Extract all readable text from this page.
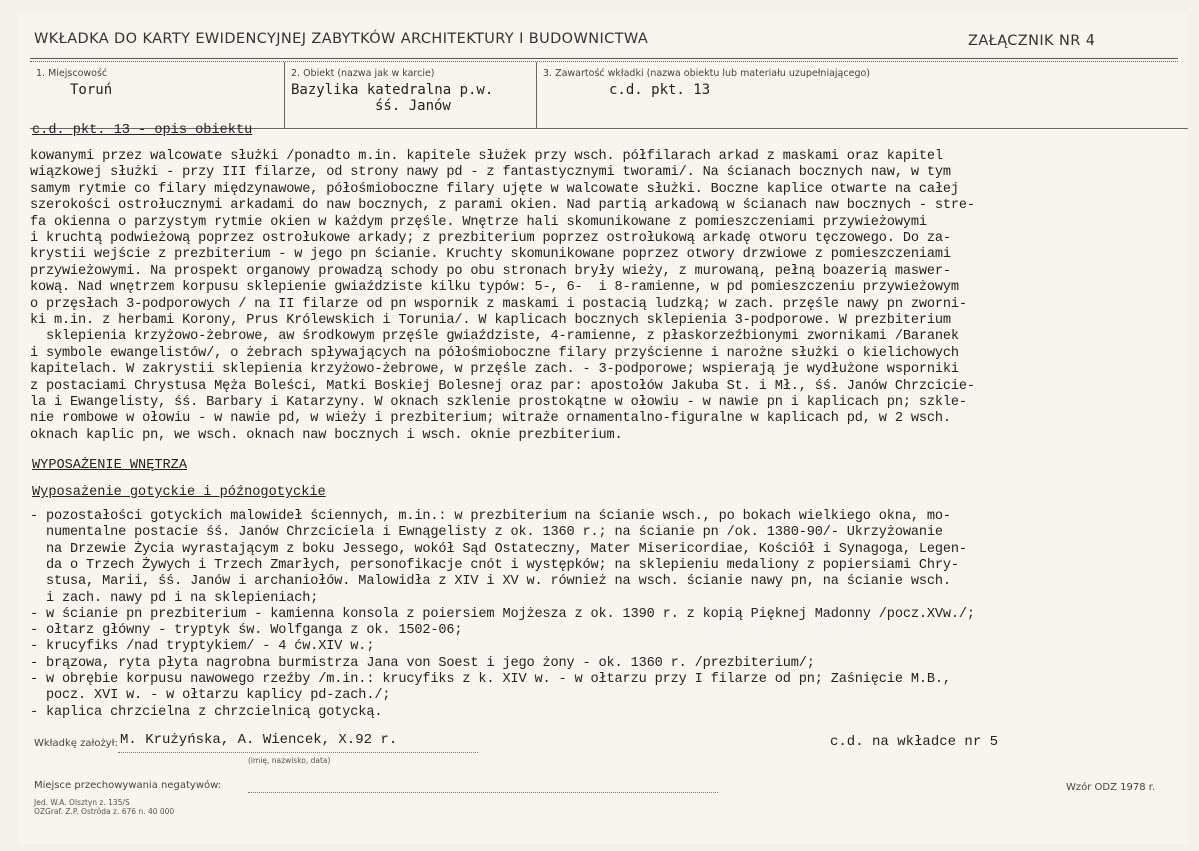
WKŁADKA DO KARTY EWIDENCYJNEJ ZABYTKÓW ARCHITEKTURY I BUDOWNICTWA	ZAŁĄCZNIK NR 4
1. Miejscowość
Toruń
2. Obiekt (nazwa jak w karcie)
Bazylika katedralna p.w.
śś. Janów
3. Zawartość wkładki (nazwa obiektu lub materiału uzupełniającego)
c.d. pkt. 13
c.d. pkt. 13 - opis obiektu
kowanymi przez walcowate służki /ponadto m.in. kapitele służek przy wsch. półfilarach arkad z maskami oraz kapitel
wiązkowej służki - przy III filarze, od strony nawy pd - z fantastycznymi tworami/. Na ścianach bocznych naw, w tym
samym rytmie co filary międzynawowe, półośmioboczne filary ujęte w walcowate służki. Boczne kaplice otwarte na całej
szerokości ostrołucznymi arkadami do naw bocznych, z parami okien. Nad partią arkadową w ścianach naw bocznych - stre-
fa okienna o parzystym rytmie okien w każdym przęśle. Wnętrze hali skomunikowane z pomieszczeniami przywieżowymi
i kruchtą podwieżową poprzez ostrołukowe arkady; z prezbiterium poprzez ostrołukową arkadę otworu tęczowego. Do za-
krystii wejście z prezbiterium - w jego pn ścianie. Kruchty skomunikowane poprzez otwory drzwiowe z pomieszczeniami
przywieżowymi. Na prospekt organowy prowadzą schody po obu stronach bryły wieży, z murowaną, pełną boazerią maswer-
kową. Nad wnętrzem korpusu sklepienie gwiaździste kilku typów: 5-, 6-  i 8-ramienne, w pd pomieszczeniu przywieżowym
o przęsłach 3-podporowych / na II filarze od pn wspornik z maskami i postacią ludzką; w zach. przęśle nawy pn zworni-
ki m.in. z herbami Korony, Prus Królewskich i Torunia/. W kaplicach bocznych sklepienia 3-podporowe. W prezbiterium
sklepienia krzyżowo-żebrowe, aw środkowym przęśle gwiaździste, 4-ramienne, z płaskorzeźbionymi zwornikami /Baranek
i symbole ewangelistów/, o żebrach spływających na półośmioboczne filary przyścienne i narożne służki o kielichowych
kapitelach. W zakrystii sklepienia krzyżowo-żebrowe, w przęśle zach. - 3-podporowe; wspierają je wydłużone wsporniki
z postaciami Chrystusa Męża Boleści, Matki Boskiej Bolesnej oraz par: apostołów Jakuba St. i Mł., śś. Janów Chrzcicie-
la i Ewangelisty, śś. Barbary i Katarzyny. W oknach szklenie prostokątne w ołowiu - w nawie pn i kaplicach pn; szkle-
nie rombowe w ołowiu - w nawie pd, w wieży i prezbiterium; witraże ornamentalno-figuralne w kaplicach pd, w 2 wsch.
oknach kaplic pn, we wsch. oknach naw bocznych i wsch. oknie prezbiterium.
WYPOSAŻENIE WNĘTRZA
Wyposażenie gotyckie i późnogotyckie
- pozostałości gotyckich malowideł ściennych, m.in.: w prezbiterium na ścianie wsch., po bokach wielkiego okna, mo-
numentalne postacie śś. Janów Chrzciciela i Ewnągelisty z ok. 1360 r.; na ścianie pn /ok. 1380-90/- Ukrzyżowanie
na Drzewie Życia wyrastającym z boku Jessego, wokół Sąd Ostateczny, Mater Misericordiae, Kościół i Synagoga, Legen-
da o Trzech Żywych i Trzech Zmarłych, personofikacje cnót i występków; na sklepieniu medaliony z popiersiami Chry-
stusa, Marii, śś. Janów i archaniołów. Malowidła z XIV i XV w. również na wsch. ścianie nawy pn, na ścianie wsch.
i zach. nawy pd i na sklepieniach;
- w ścianie pn prezbiterium - kamienna konsola z poiersiem Mojżesza z ok. 1390 r. z kopią Pięknej Madonny /pocz.XVw./;
- ołtarz główny - tryptyk św. Wolfganga z ok. 1502-06;
- krucyfiks /nad tryptykiem/ - 4 ćw.XIV w.;
- brązowa, ryta płyta nagrobna burmistrza Jana von Soest i jego żony - ok. 1360 r. /prezbiterium/;
- w obrębie korpusu nawowego rzeźby /m.in.: krucyfiks z k. XIV w. - w ołtarzu przy I filarze od pn; Zaśnięcie M.B.,
pocz. XVI w. - w ołtarzu kaplicy pd-zach./;
- kaplica chrzcielna z chrzcielnicą gotycką.
Wkładkę założył: M. Krużyńska, A. Wiencek, X.92 r.
(imię, nazwisko, data)
c.d. na wkładce nr 5
Miejsce przechowywania negatywów:
Jed. W.A. Olsztyn z. 135/S
OZGraf. Z.P. Ostróda z. 676 n. 40 000
Wzór ODZ 1978 r.
